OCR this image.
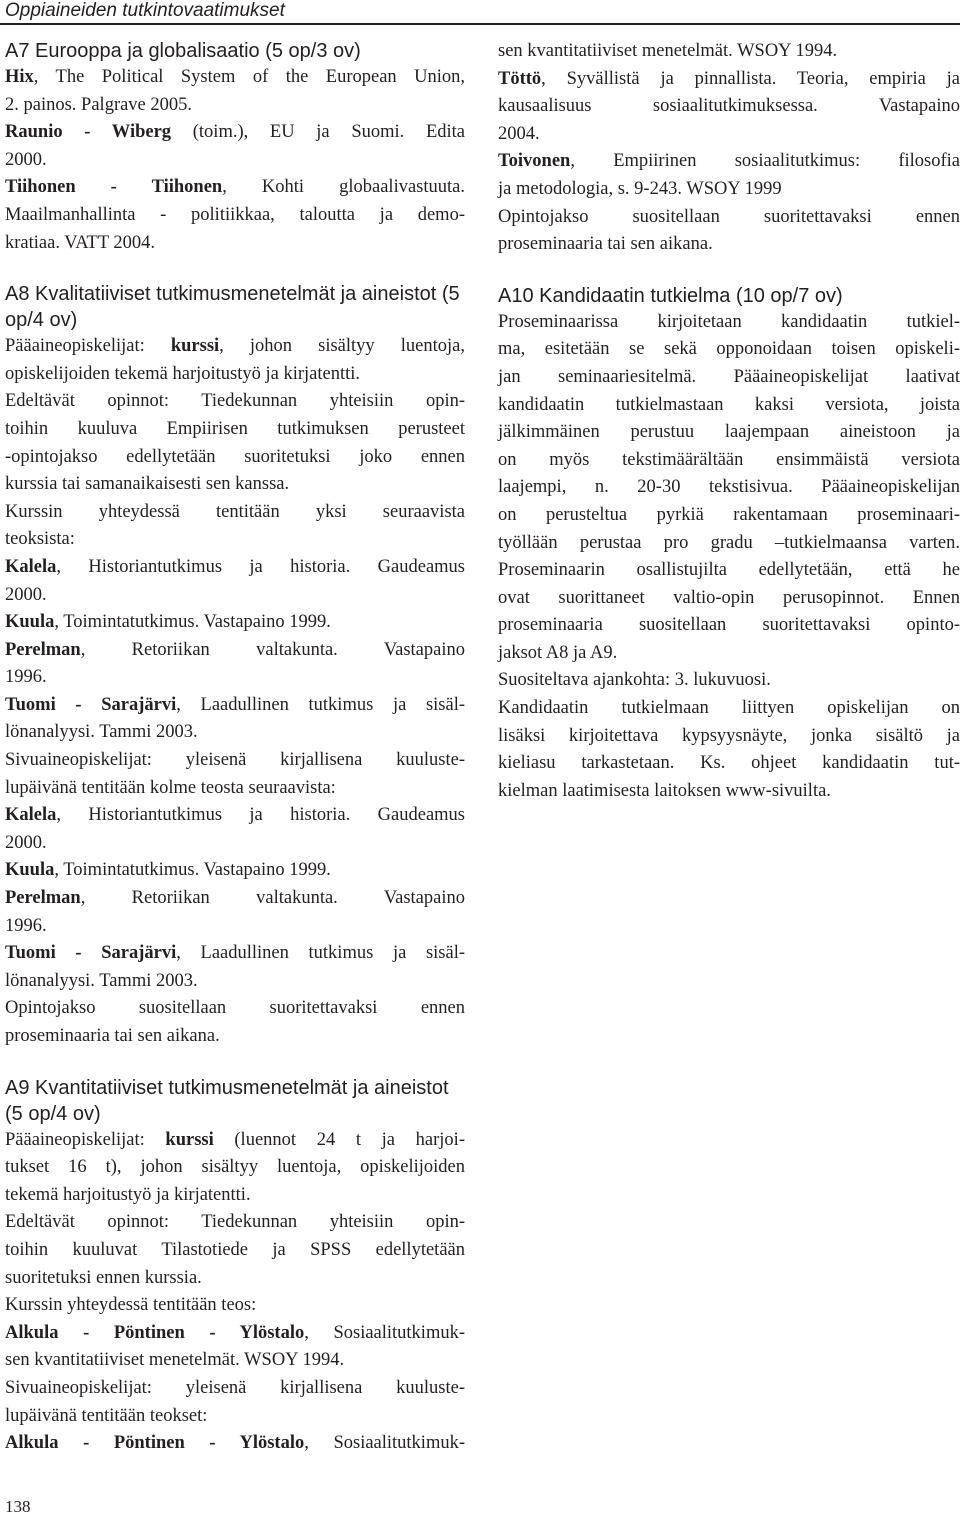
Oppiaineiden tutkintovaatimukset
A7 Eurooppa ja globalisaatio (5 op/3 ov)

Hix, The Political System of the European Union,

2. painos. Palgrave 2005.

Raunio - Wiberg (toim.), EU ja Suomi. Edita

2000.

Tiihonen - Tiihonen, Kohti globaalivastuuta.

Maailmanhallinta - politiikkaa, taloutta ja demo-

kratiaa. VATT 2004.

A8 Kvalitatiiviset tutkimusmenetelmät ja aineistot (5 op/4 ov)

Pääaineopiskelijat: kurssi, johon sisältyy luentoja,

opiskelijoiden tekemä harjoitustyö ja kirjatentti.

Edeltävät opinnot: Tiedekunnan yhteisiin opin-

toihin kuuluva Empiirisen tutkimuksen perusteet

-opintojakso edellytetään suoritetuksi joko ennen

kurssia tai samanaikaisesti sen kanssa.

Kurssin yhteydessä tentitään yksi seuraavista

teoksista:

Kalela, Historiantutkimus ja historia. Gaudeamus

2000.

Kuula, Toimintatutkimus. Vastapaino 1999.

Perelman, Retoriikan valtakunta. Vastapaino

1996.

Tuomi - Sarajärvi, Laadullinen tutkimus ja sisäl-

lönanalyysi. Tammi 2003.

Sivuaineopiskelijat: yleisenä kirjallisena kuuluste-

lupäivänä tentitään kolme teosta seuraavista:

Kalela, Historiantutkimus ja historia. Gaudeamus

2000.

Kuula, Toimintatutkimus. Vastapaino 1999.

Perelman, Retoriikan valtakunta. Vastapaino

1996.

Tuomi - Sarajärvi, Laadullinen tutkimus ja sisäl-

lönanalyysi. Tammi 2003.

Opintojakso suositellaan suoritettavaksi ennen

proseminaaria tai sen aikana.

A9 Kvantitatiiviset tutkimusmenetelmät ja aineistot (5 op/4 ov)

Pääaineopiskelijat: kurssi (luennot 24 t ja harjoi-

tukset 16 t), johon sisältyy luentoja, opiskelijoiden

tekemä harjoitustyö ja kirjatentti.

Edeltävät opinnot: Tiedekunnan yhteisiin opin-

toihin kuuluvat Tilastotiede ja SPSS edellytetään

suoritetuksi ennen kurssia.

Kurssin yhteydessä tentitään teos:

Alkula - Pöntinen - Ylöstalo, Sosiaalitutkimuk-

sen kvantitatiiviset menetelmät. WSOY 1994.

Sivuaineopiskelijat: yleisenä kirjallisena kuuluste-

lupäivänä tentitään teokset:

Alkula - Pöntinen - Ylöstalo, Sosiaalitutkimuk-

sen kvantitatiiviset menetelmät. WSOY 1994.

Töttö, Syvällistä ja pinnallista. Teoria, empiria ja

kausaalisuus sosiaalitutkimuksessa. Vastapaino

2004.

Toivonen, Empiirinen sosiaalitutkimus: filosofia

ja metodologia, s. 9-243. WSOY 1999

Opintojakso suositellaan suoritettavaksi ennen

proseminaaria tai sen aikana.

A10 Kandidaatin tutkielma (10 op/7 ov)

Proseminaarissa kirjoitetaan kandidaatin tutkiel-

ma, esitetään se sekä opponoidaan toisen opiskeli-

jan seminaariesitelmä. Pääaineopiskelijat laativat

kandidaatin tutkielmastaan kaksi versiota, joista

jälkimmäinen perustuu laajempaan aineistoon ja

on myös tekstimäärältään ensimmäistä versiota

laajempi, n. 20-30 tekstisivua. Pääaineopiskelijan

on perusteltua pyrkiä rakentamaan proseminaari-

työllään perustaa pro gradu –tutkielmaansa varten.

Proseminaarin osallistujilta edellytetään, että he

ovat suorittaneet valtio-opin perusopinnot. Ennen

proseminaaria suositellaan suoritettavaksi opinto-

jaksot A8 ja A9.

Suositeltava ajankohta: 3. lukuvuosi.

Kandidaatin tutkielmaan liittyen opiskelijan on

lisäksi kirjoitettava kypsyysnäyte, jonka sisältö ja

kieliasu tarkastetaan. Ks. ohjeet kandidaatin tut-

kielman laatimisesta laitoksen www-sivuilta.

138
